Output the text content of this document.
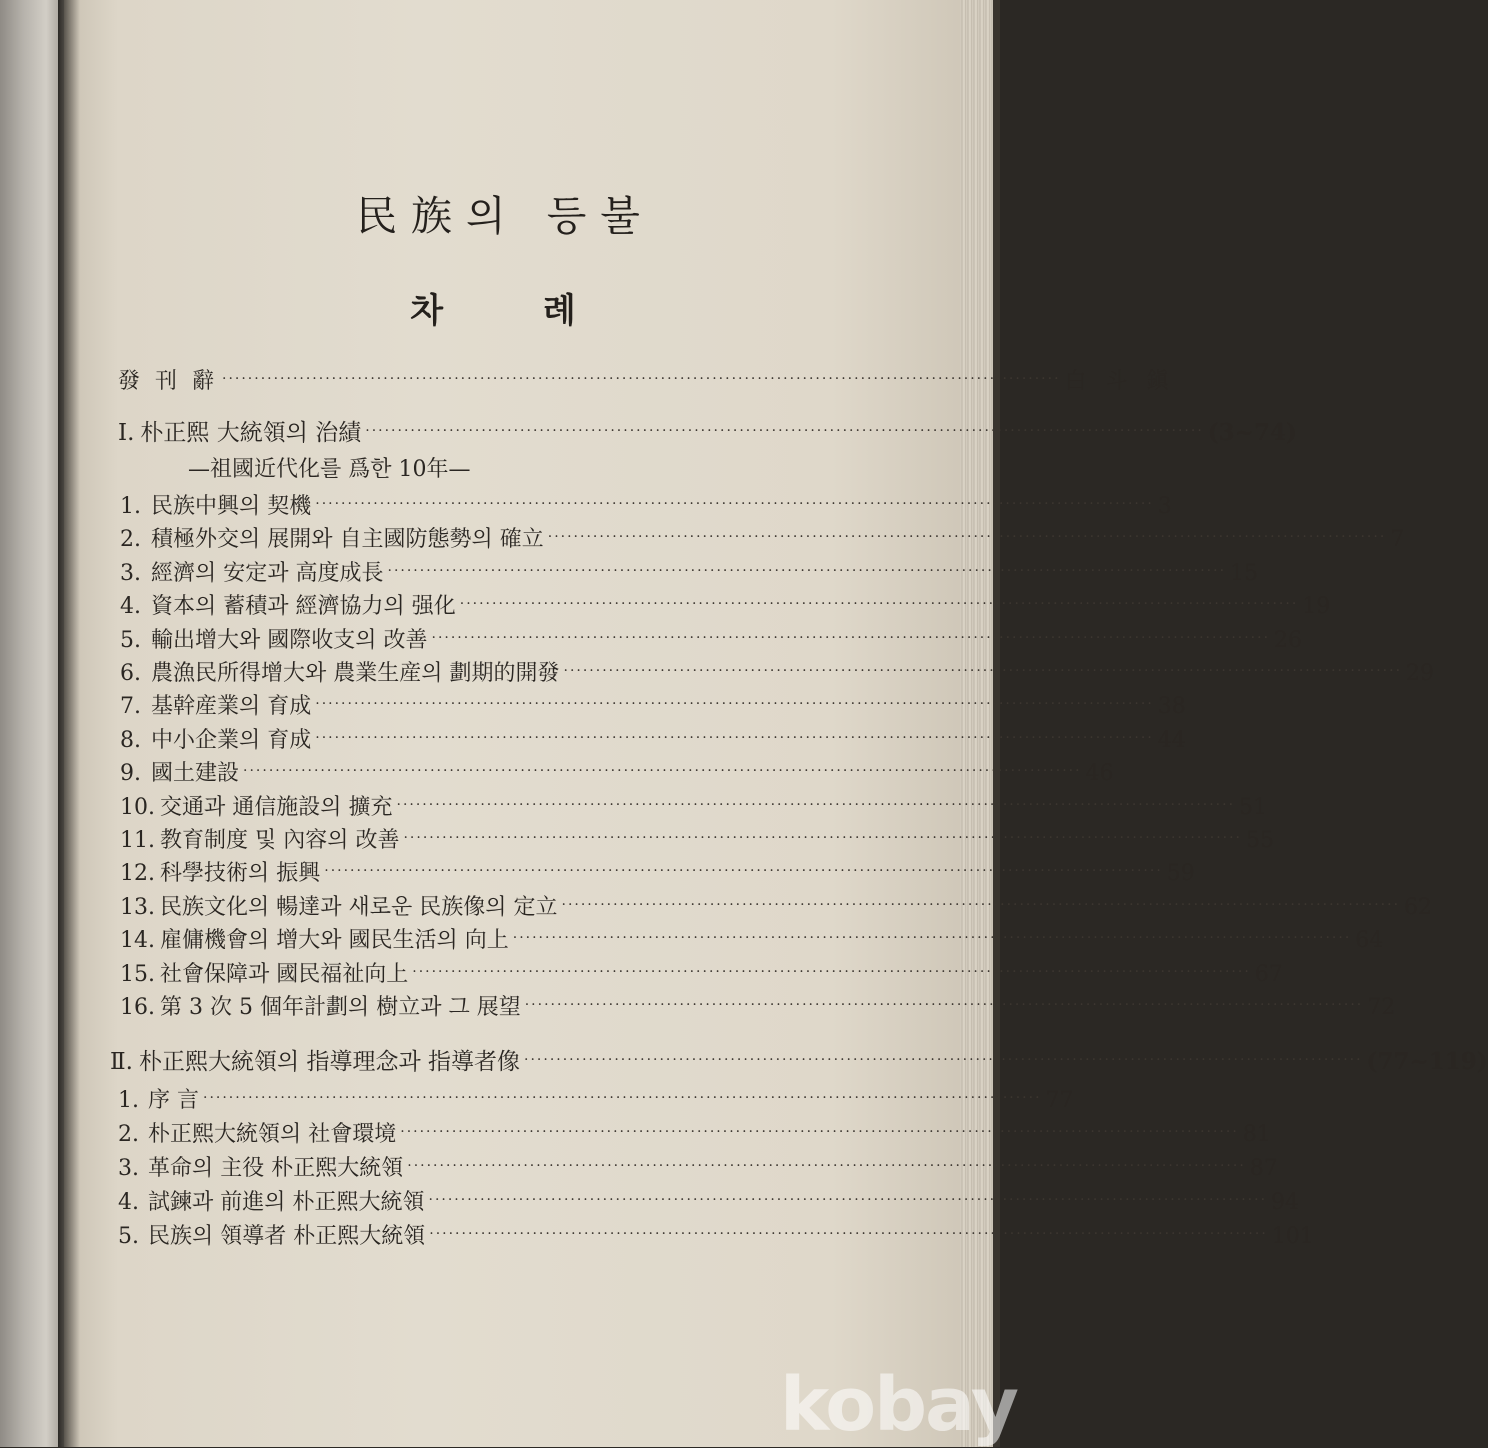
民族의 등불
차 례
發 刊 辭 ·································································································································· 白 斗 鎭
I. 朴正熙 大統領의 治績 ·································································································································· (3~74)
—祖國近代化를 爲한 10年—
1. 民族中興의 契機 ·································································································································· 3
2. 積極外交의 展開와 自主國防態勢의 確立 ·································································································································· 7
3. 經濟의 安定과 高度成長 ·································································································································· 15
4. 資本의 蓄積과 經濟協力의 强化 ·································································································································· 19
5. 輸出增大와 國際收支의 改善 ·································································································································· 26
6. 農漁民所得增大와 農業生産의 劃期的開發 ·································································································································· 29
7. 基幹産業의 育成 ·································································································································· 38
8. 中小企業의 育成 ·································································································································· 44
9. 國土建設 ·································································································································· 46
10. 交通과 通信施設의 擴充 ·································································································································· 51
11. 教育制度 및 內容의 改善 ·································································································································· 55
12. 科學技術의 振興 ·································································································································· 59
13. 民族文化의 暢達과 새로운 民族像의 定立 ·································································································································· 62
14. 雇傭機會의 增大와 國民生活의 向上 ·································································································································· 64
15. 社會保障과 國民福祉向上 ·································································································································· 67
16. 第 3 次 5 個年計劃의 樹立과 그 展望 ·································································································································· 72
Ⅱ. 朴正熙大統領의 指導理念과 指導者像 ·································································································································· (77~119)
1. 序 言 ·································································································································· 77
2. 朴正熙大統領의 社會環境 ·································································································································· 81
3. 革命의 主役 朴正熙大統領 ·································································································································· 87
4. 試鍊과 前進의 朴正熙大統領 ·································································································································· 94
5. 民族의 領導者 朴正熙大統領 ·································································································································· 101
kobay
